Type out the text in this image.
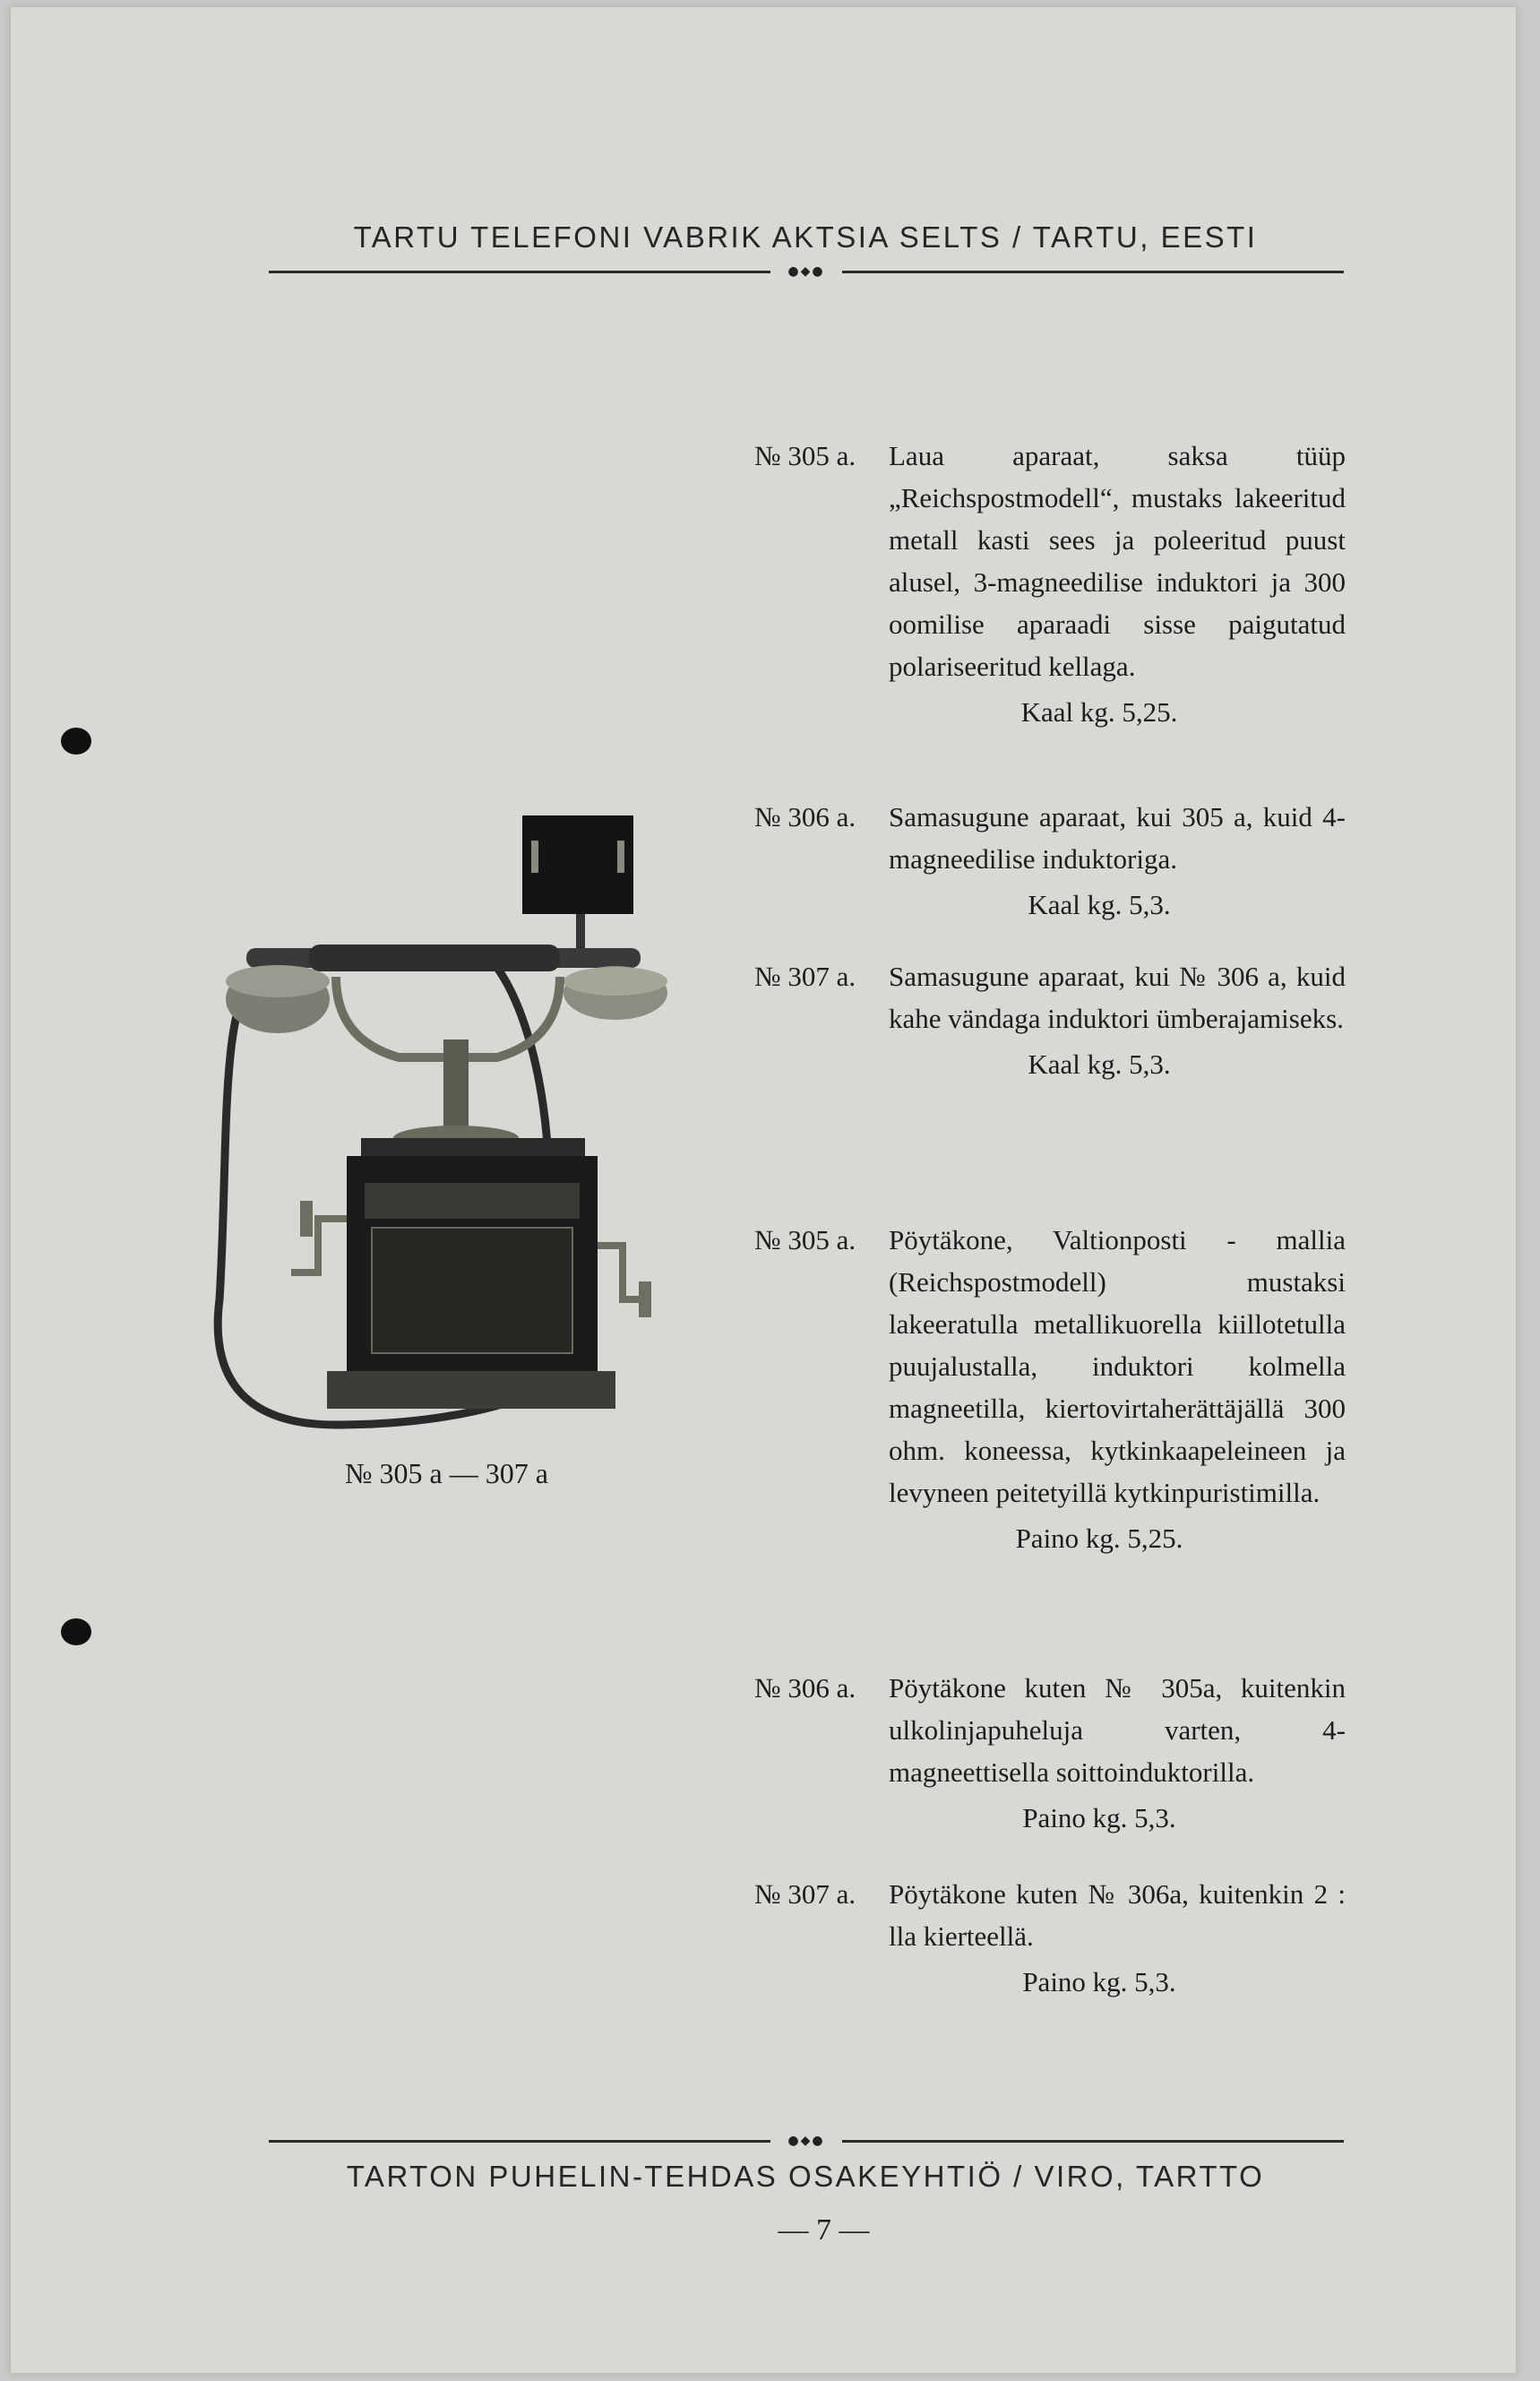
TARTU TELEFONI VABRIK AKTSIA SELTS / TARTU, EESTI
●◆●
№ 305 a.	Laua aparaat, saksa tüüp „Reichspostmodell“, mustaks lakeeritud metall kasti sees ja poleeritud puust alusel, 3-magneedilise induktori ja 300 oomilise aparaadi sisse paigutatud polariseeritud kellaga.
Kaal kg. 5,25.
№ 306 a.	Samasugune aparaat, kui 305 a, kuid 4-magneedilise induktoriga.
Kaal kg. 5,3.
№ 307 a.	Samasugune aparaat, kui № 306 a, kuid kahe vändaga induktori ümberajamiseks.
Kaal kg. 5,3.
№ 305 a.	Pöytäkone, Valtionposti - mallia (Reichspostmodell) mustaksi lakeeratulla metallikuorella kiillotetulla puujalustalla, induktori kolmella magneetilla, kiertovirtaherättäjällä 300 ohm. koneessa, kytkinkaapeleineen ja levyneen peitetyillä kytkinpuristimilla.
Paino kg. 5,25.
№ 306 a.	Pöytäkone kuten № 305a, kuitenkin ulkolinjapuheluja varten, 4-magneettisella soittoinduktorilla.
Paino kg. 5,3.
№ 307 a.	Pöytäkone kuten № 306a, kuitenkin 2 : lla kierteellä.
Paino kg. 5,3.
№ 305 a — 307 a
●◆●
TARTON PUHELIN-TEHDAS OSAKEYHTIÖ / VIRO, TARTTO
— 7 —
